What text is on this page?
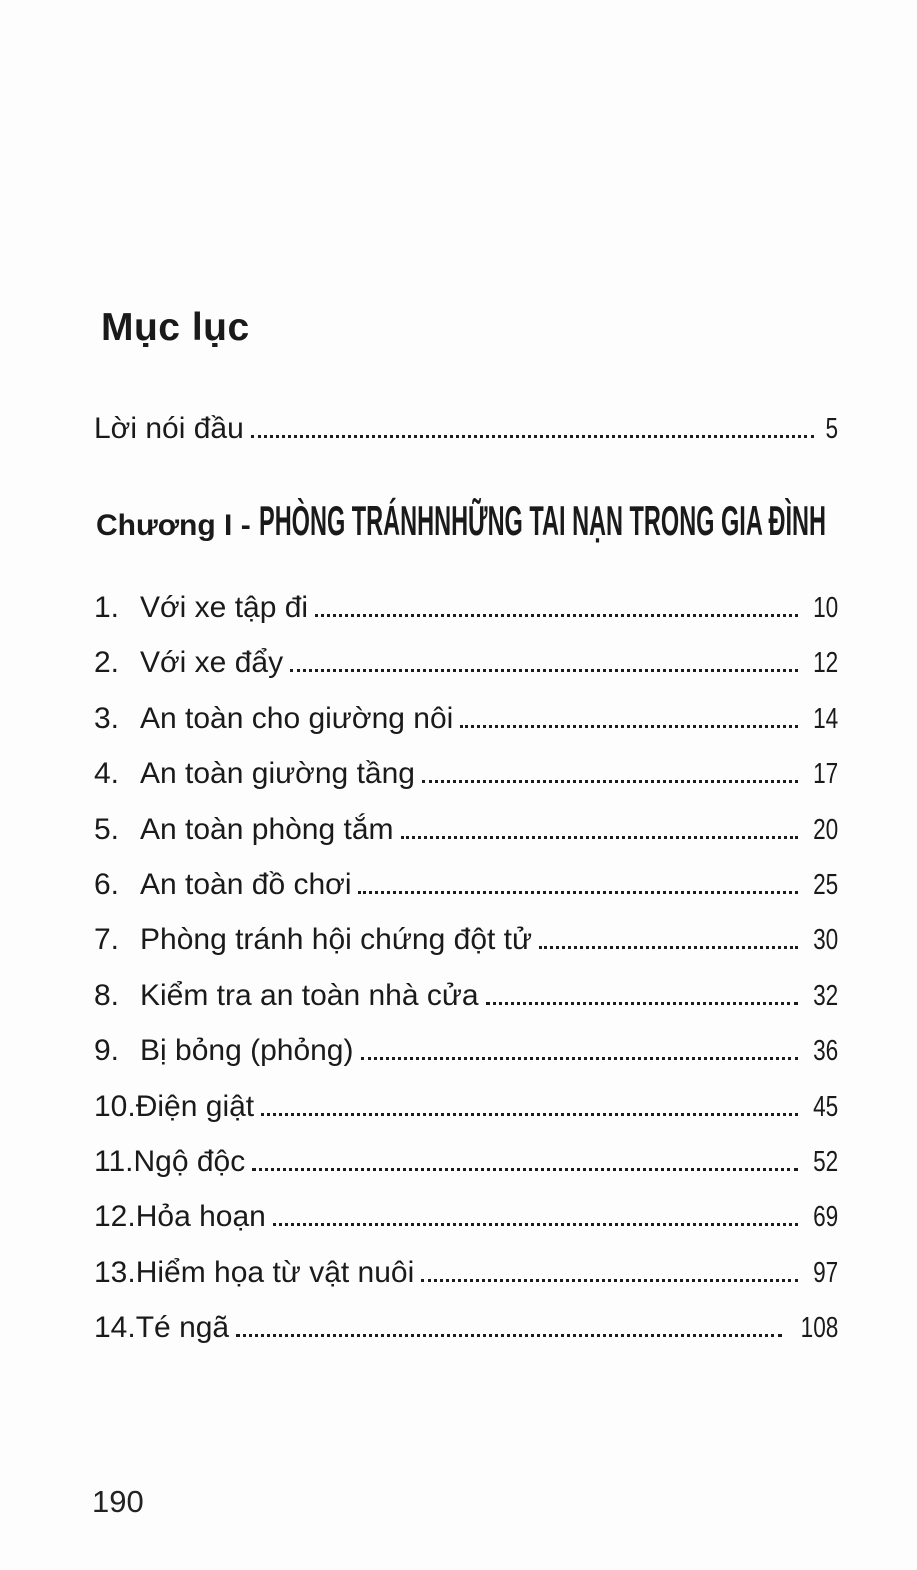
Mục lục
Lời nói đầu	5
Chương I - PHÒNG TRÁNHNHỮNG TAI NẠN TRONG GIA ĐÌNH
1. Với xe tập đi	10
2. Với xe đẩy	12
3. An toàn cho giường nôi	14
4. An toàn giường tầng	17
5. An toàn phòng tắm	20
6. An toàn đồ chơi	25
7. Phòng tránh hội chứng đột tử	30
8. Kiểm tra an toàn nhà cửa	32
9. Bị bỏng (phỏng)	36
10. Điện giật	45
11. Ngộ độc	52
12. Hỏa hoạn	69
13. Hiểm họa từ vật nuôi	97
14. Té ngã	108
190
